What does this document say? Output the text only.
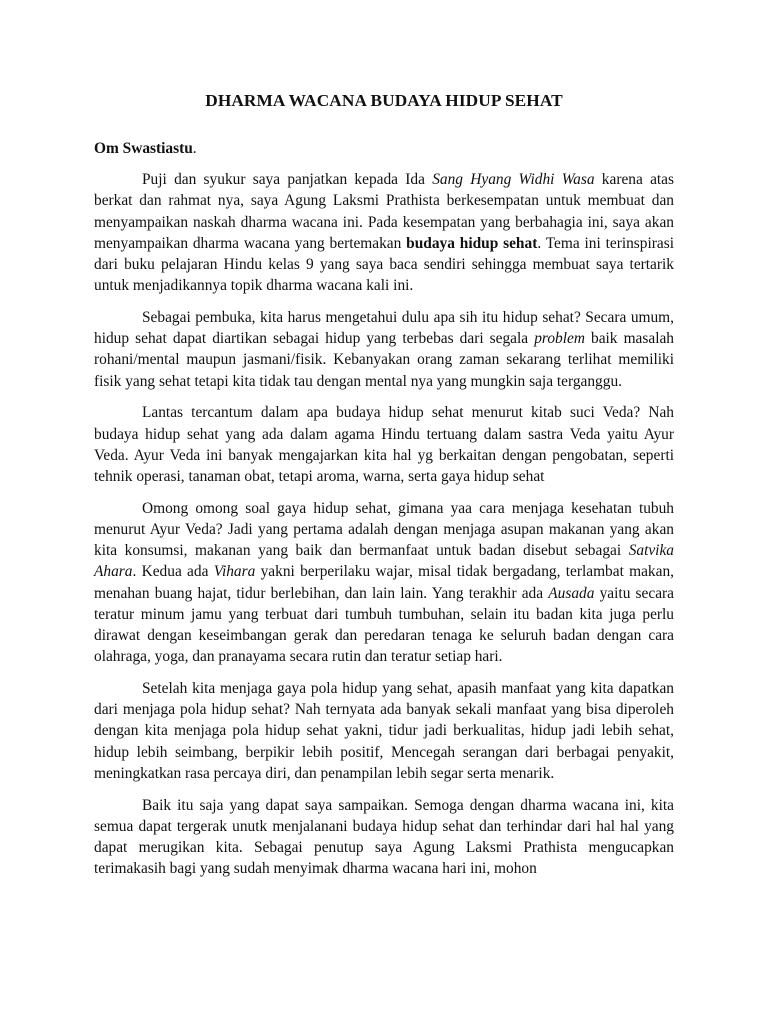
DHARMA WACANA BUDAYA HIDUP SEHAT

Om Swastiastu.

Puji dan syukur saya panjatkan kepada Ida Sang Hyang Widhi Wasa karena atas berkat dan rahmat nya, saya Agung Laksmi Prathista berkesempatan untuk membuat dan menyampaikan naskah dharma wacana ini. Pada kesempatan yang berbahagia ini, saya akan menyampaikan dharma wacana yang bertemakan budaya hidup sehat. Tema ini terinspirasi dari buku pelajaran Hindu kelas 9 yang saya baca sendiri sehingga membuat saya tertarik untuk menjadikannya topik dharma wacana kali ini.

Sebagai pembuka, kita harus mengetahui dulu apa sih itu hidup sehat? Secara umum, hidup sehat dapat diartikan sebagai hidup yang terbebas dari segala problem baik masalah rohani/mental maupun jasmani/fisik. Kebanyakan orang zaman sekarang terlihat memiliki fisik yang sehat tetapi kita tidak tau dengan mental nya yang mungkin saja terganggu.

Lantas tercantum dalam apa budaya hidup sehat menurut kitab suci Veda? Nah budaya hidup sehat yang ada dalam agama Hindu tertuang dalam sastra Veda yaitu Ayur Veda. Ayur Veda ini banyak mengajarkan kita hal yg berkaitan dengan pengobatan, seperti tehnik operasi, tanaman obat, tetapi aroma, warna, serta gaya hidup sehat

Omong omong soal gaya hidup sehat, gimana yaa cara menjaga kesehatan tubuh menurut Ayur Veda? Jadi yang pertama adalah dengan menjaga asupan makanan yang akan kita konsumsi, makanan yang baik dan bermanfaat untuk badan disebut sebagai Satvika Ahara. Kedua ada Vihara yakni berperilaku wajar, misal tidak bergadang, terlambat makan, menahan buang hajat, tidur berlebihan, dan lain lain. Yang terakhir ada Ausada yaitu secara teratur minum jamu yang terbuat dari tumbuh tumbuhan, selain itu badan kita juga perlu dirawat dengan keseimbangan gerak dan peredaran tenaga ke seluruh badan dengan cara olahraga, yoga, dan pranayama secara rutin dan teratur setiap hari.

Setelah kita menjaga gaya pola hidup yang sehat, apasih manfaat yang kita dapatkan dari menjaga pola hidup sehat? Nah ternyata ada banyak sekali manfaat yang bisa diperoleh dengan kita menjaga pola hidup sehat yakni, tidur jadi berkualitas, hidup jadi lebih sehat, hidup lebih seimbang, berpikir lebih positif, Mencegah serangan dari berbagai penyakit, meningkatkan rasa percaya diri, dan penampilan lebih segar serta menarik.

Baik itu saja yang dapat saya sampaikan. Semoga dengan dharma wacana ini, kita semua dapat tergerak unutk menjalanani budaya hidup sehat dan terhindar dari hal hal yang dapat merugikan kita. Sebagai penutup saya Agung Laksmi Prathista mengucapkan terimakasih bagi yang sudah menyimak dharma wacana hari ini, mohon
